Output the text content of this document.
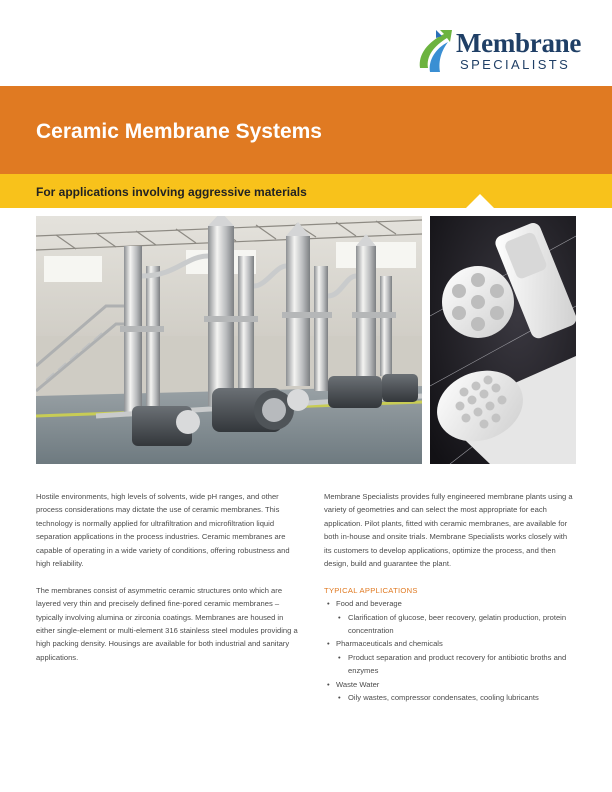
Membrane
SPECIALISTS
Ceramic Membrane Systems
For applications involving aggressive materials

Hostile environments, high levels of solvents, wide pH ranges, and other process considerations may dictate the use of ceramic membranes. This technology is normally applied for ultrafiltration and microfiltration liquid separation applications in the process industries. Ceramic membranes are capable of operating in a wide variety of conditions, offering robustness and high reliability.

The membranes consist of asymmetric ceramic structures onto which are layered very thin and precisely defined fine-pored ceramic membranes – typically involving alumina or zirconia coatings. Membranes are housed in either single-element or multi-element 316 stainless steel modules providing a high packing density. Housings are available for both industrial and sanitary applications.

Membrane Specialists provides fully engineered membrane plants using a variety of geometries and can select the most appropriate for each application. Pilot plants, fitted with ceramic membranes, are available for both in-house and onsite trials. Membrane Specialists works closely with its customers to develop applications, optimize the process, and then design, build and guarantee the plant.

TYPICAL APPLICATIONS
• Food and beverage
• Clarification of glucose, beer recovery, gelatin production, protein concentration
• Pharmaceuticals and chemicals
• Product separation and product recovery for antibiotic broths and enzymes
• Waste Water
• Oily wastes, compressor condensates, cooling lubricants
